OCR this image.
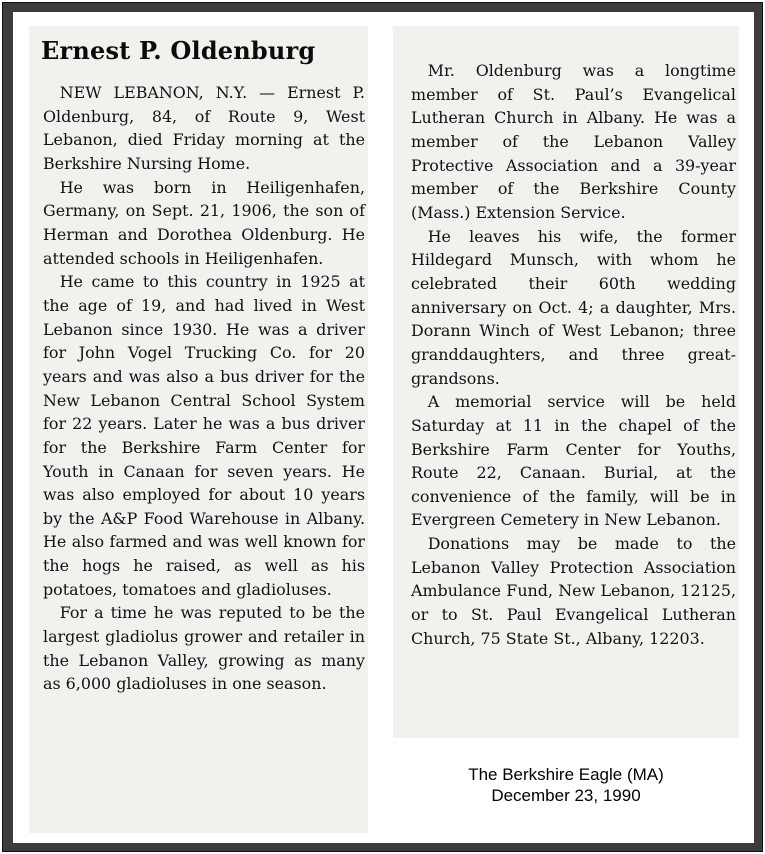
Ernest P. Oldenburg

NEW LEBANON, N.Y. — Ernest P. Oldenburg, 84, of Route 9, West Lebanon, died Friday morning at the Berkshire Nursing Home.

He was born in Heiligenhafen, Germany, on Sept. 21, 1906, the son of Herman and Dorothea Oldenburg. He attended schools in Heiligenhafen.

He came to this country in 1925 at the age of 19, and had lived in West Lebanon since 1930. He was a driver for John Vogel Trucking Co. for 20 years and was also a bus driver for the New Lebanon Central School System for 22 years. Later he was a bus driver for the Berkshire Farm Center for Youth in Canaan for seven years. He was also employed for about 10 years by the A&P Food Warehouse in Albany. He also farmed and was well known for the hogs he raised, as well as his potatoes, tomatoes and gladioluses.

For a time he was reputed to be the largest gladiolus grower and retailer in the Lebanon Valley, growing as many as 6,000 gladioluses in one season.

Mr. Oldenburg was a longtime member of St. Paul’s Evangelical Lutheran Church in Albany. He was a member of the Lebanon Valley Protective Association and a 39-year member of the Berkshire County (Mass.) Extension Service.

He leaves his wife, the former Hildegard Munsch, with whom he celebrated their 60th wedding anniversary on Oct. 4; a daughter, Mrs. Dorann Winch of West Lebanon; three granddaughters, and three great-grandsons.

A memorial service will be held Saturday at 11 in the chapel of the Berkshire Farm Center for Youths, Route 22, Canaan. Burial, at the convenience of the family, will be in Evergreen Cemetery in New Lebanon.

Donations may be made to the Lebanon Valley Protection Association Ambulance Fund, New Lebanon, 12125, or to St. Paul Evangelical Lutheran Church, 75 State St., Albany, 12203.

The Berkshire Eagle (MA)
December 23, 1990
